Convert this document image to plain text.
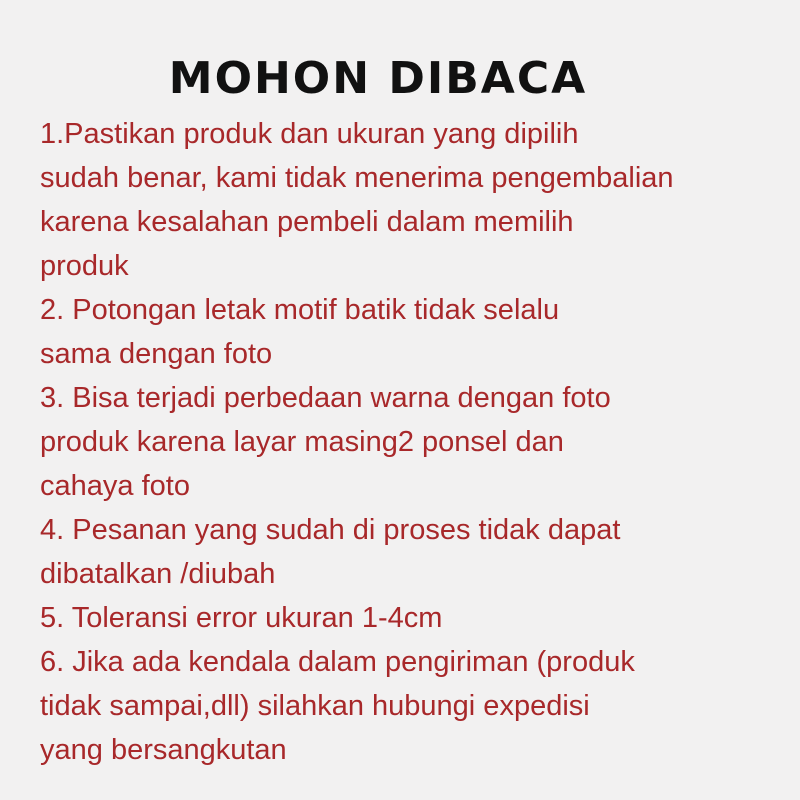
MOHON DIBACA
1.Pastikan produk dan ukuran yang dipilih
sudah benar, kami tidak menerima pengembalian
karena kesalahan pembeli dalam memilih
produk
2. Potongan letak motif batik tidak selalu
sama dengan foto
3. Bisa terjadi perbedaan warna dengan foto
produk karena layar masing2 ponsel dan
cahaya foto
4. Pesanan yang sudah di proses tidak dapat
dibatalkan /diubah
5. Toleransi error ukuran 1-4cm
6. Jika ada kendala dalam pengiriman (produk
tidak sampai,dll) silahkan hubungi expedisi
yang bersangkutan
